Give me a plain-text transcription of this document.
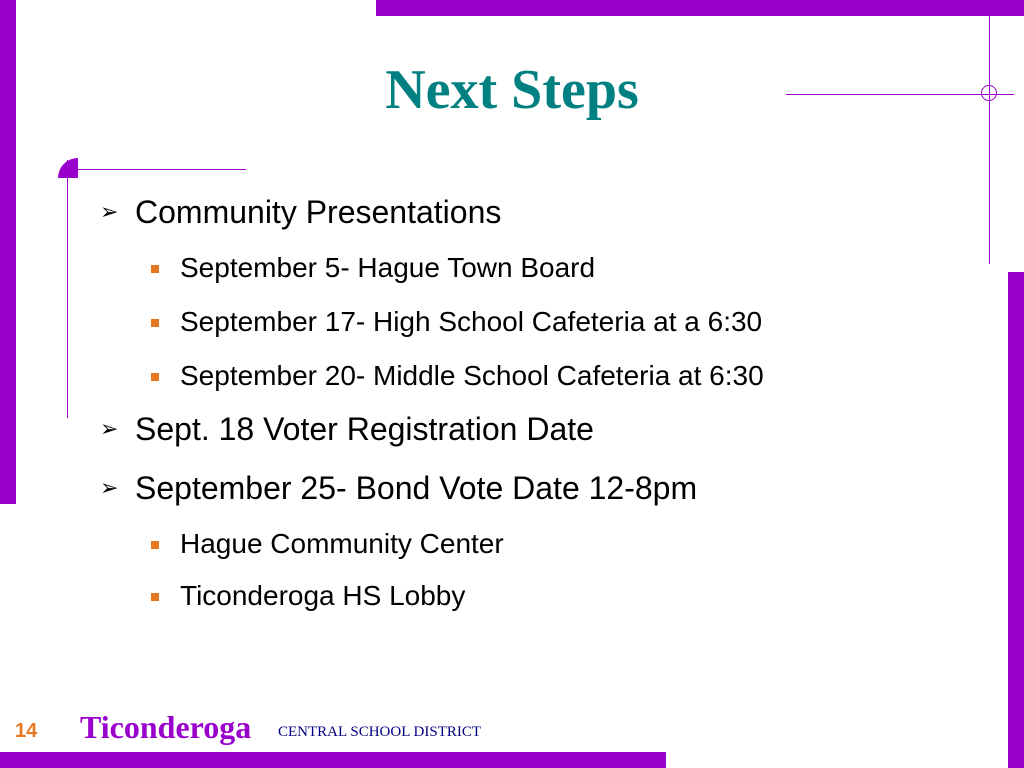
Next Steps
➢ Community Presentations
September 5- Hague Town Board
September 17- High School Cafeteria at a 6:30
September 20- Middle School Cafeteria at 6:30
➢ Sept. 18 Voter Registration Date
➢ September 25- Bond Vote Date 12-8pm
Hague Community Center
Ticonderoga HS Lobby
14 Ticonderoga CENTRAL SCHOOL DISTRICT
